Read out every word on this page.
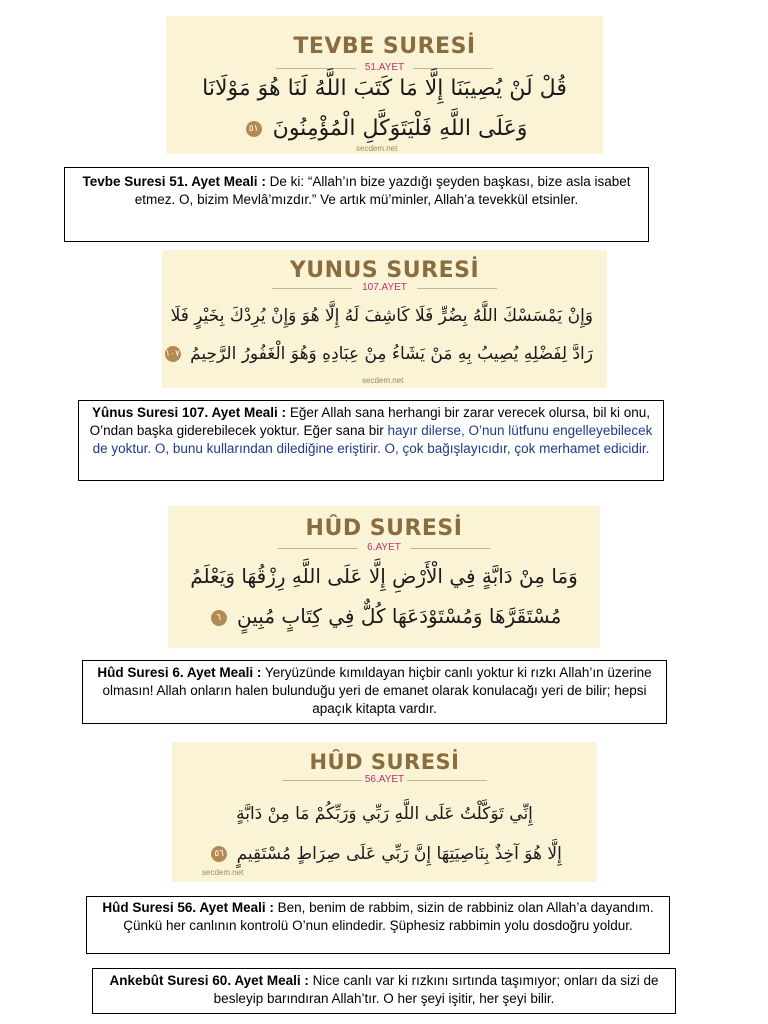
TEVBE SURESİ
51.AYET
قُلْ لَنْ يُصِيبَنَا إِلَّا مَا كَتَبَ اللَّهُ لَنَا هُوَ مَوْلَانَا
وَعَلَى اللَّهِ فَلْيَتَوَكَّلِ الْمُؤْمِنُونَ ٥١
secdem.net
Tevbe Suresi 51. Ayet Meali : De ki: “Allah’ın bize yazdığı şeyden başkası, bize asla isabet etmez. O, bizim Mevlâ’mızdır.” Ve artık mü’minler, Allah’a tevekkül etsinler.
YUNUS SURESİ
107.AYET
وَإِنْ يَمْسَسْكَ اللَّهُ بِضُرٍّ فَلَا كَاشِفَ لَهُ إِلَّا هُوَ وَإِنْ يُرِدْكَ بِخَيْرٍ فَلَا
رَادَّ لِفَضْلِهِ يُصِيبُ بِهِ مَنْ يَشَاءُ مِنْ عِبَادِهِ وَهُوَ الْغَفُورُ الرَّحِيمُ ١٠٧
secdem.net
Yûnus Suresi 107. Ayet Meali : Eğer Allah sana herhangi bir zarar verecek olursa, bil ki onu, O’ndan başka giderebilecek yoktur. Eğer sana bir hayır dilerse, O’nun lütfunu engelleyebilecek de yoktur. O, bunu kullarından dilediğine eriştirir. O, çok bağışlayıcıdır, çok merhamet edicidir.
HÛD SURESİ
6.AYET
وَمَا مِنْ دَابَّةٍ فِي الْأَرْضِ إِلَّا عَلَى اللَّهِ رِزْقُهَا وَيَعْلَمُ
مُسْتَقَرَّهَا وَمُسْتَوْدَعَهَا كُلٌّ فِي كِتَابٍ مُبِينٍ ٦
Hûd Suresi 6. Ayet Meali : Yeryüzünde kımıldayan hiçbir canlı yoktur ki rızkı Allah’ın üzerine olmasın! Allah onların halen bulunduğu yeri de emanet olarak konulacağı yeri de bilir; hepsi apaçık kitapta vardır.
HÛD SURESİ
56.AYET
إِنِّي تَوَكَّلْتُ عَلَى اللَّهِ رَبِّي وَرَبِّكُمْ مَا مِنْ دَابَّةٍ
إِلَّا هُوَ آخِذٌ بِنَاصِيَتِهَا إِنَّ رَبِّي عَلَى صِرَاطٍ مُسْتَقِيمٍ ٥٦
secdem.net
Hûd Suresi 56. Ayet Meali : Ben, benim de rabbim, sizin de rabbiniz olan Allah’a dayandım. Çünkü her canlının kontrolü O’nun elindedir. Şüphesiz rabbimin yolu dosdoğru yoldur.
Ankebût Suresi 60. Ayet Meali : Nice canlı var ki rızkını sırtında taşımıyor; onları da sizi de besleyip barındıran Allah’tır. O her şeyi işitir, her şeyi bilir.
